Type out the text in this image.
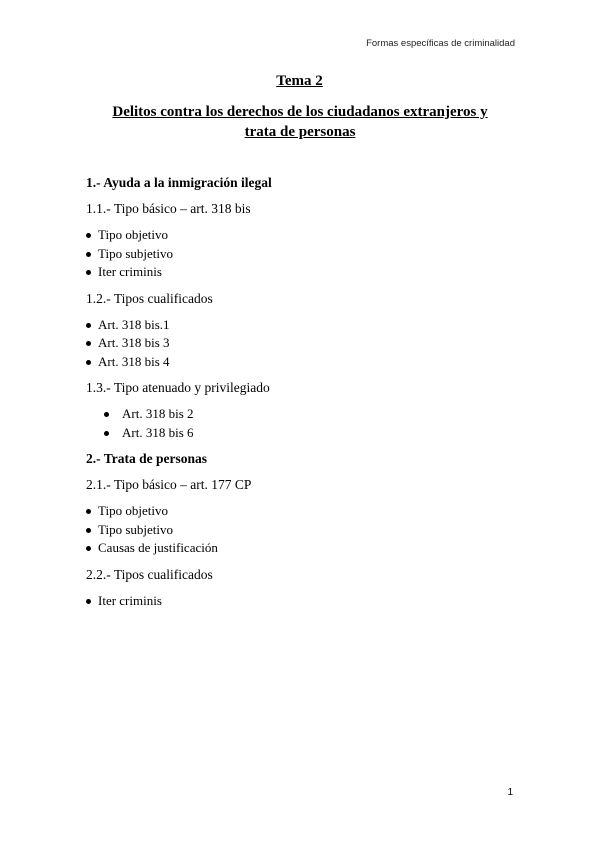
Formas específicas de criminalidad
Tema 2
Delitos contra los derechos de los ciudadanos extranjeros y
trata de personas
1.- Ayuda a la inmigración ilegal
1.1.- Tipo básico – art. 318 bis
Tipo objetivo
Tipo subjetivo
Iter criminis
1.2.- Tipos cualificados
Art. 318 bis.1
Art. 318 bis 3
Art. 318 bis 4
1.3.- Tipo atenuado y privilegiado
Art. 318 bis 2
Art. 318 bis 6
2.- Trata de personas
2.1.- Tipo básico – art. 177 CP
Tipo objetivo
Tipo subjetivo
Causas de justificación
2.2.- Tipos cualificados
Iter criminis
1
